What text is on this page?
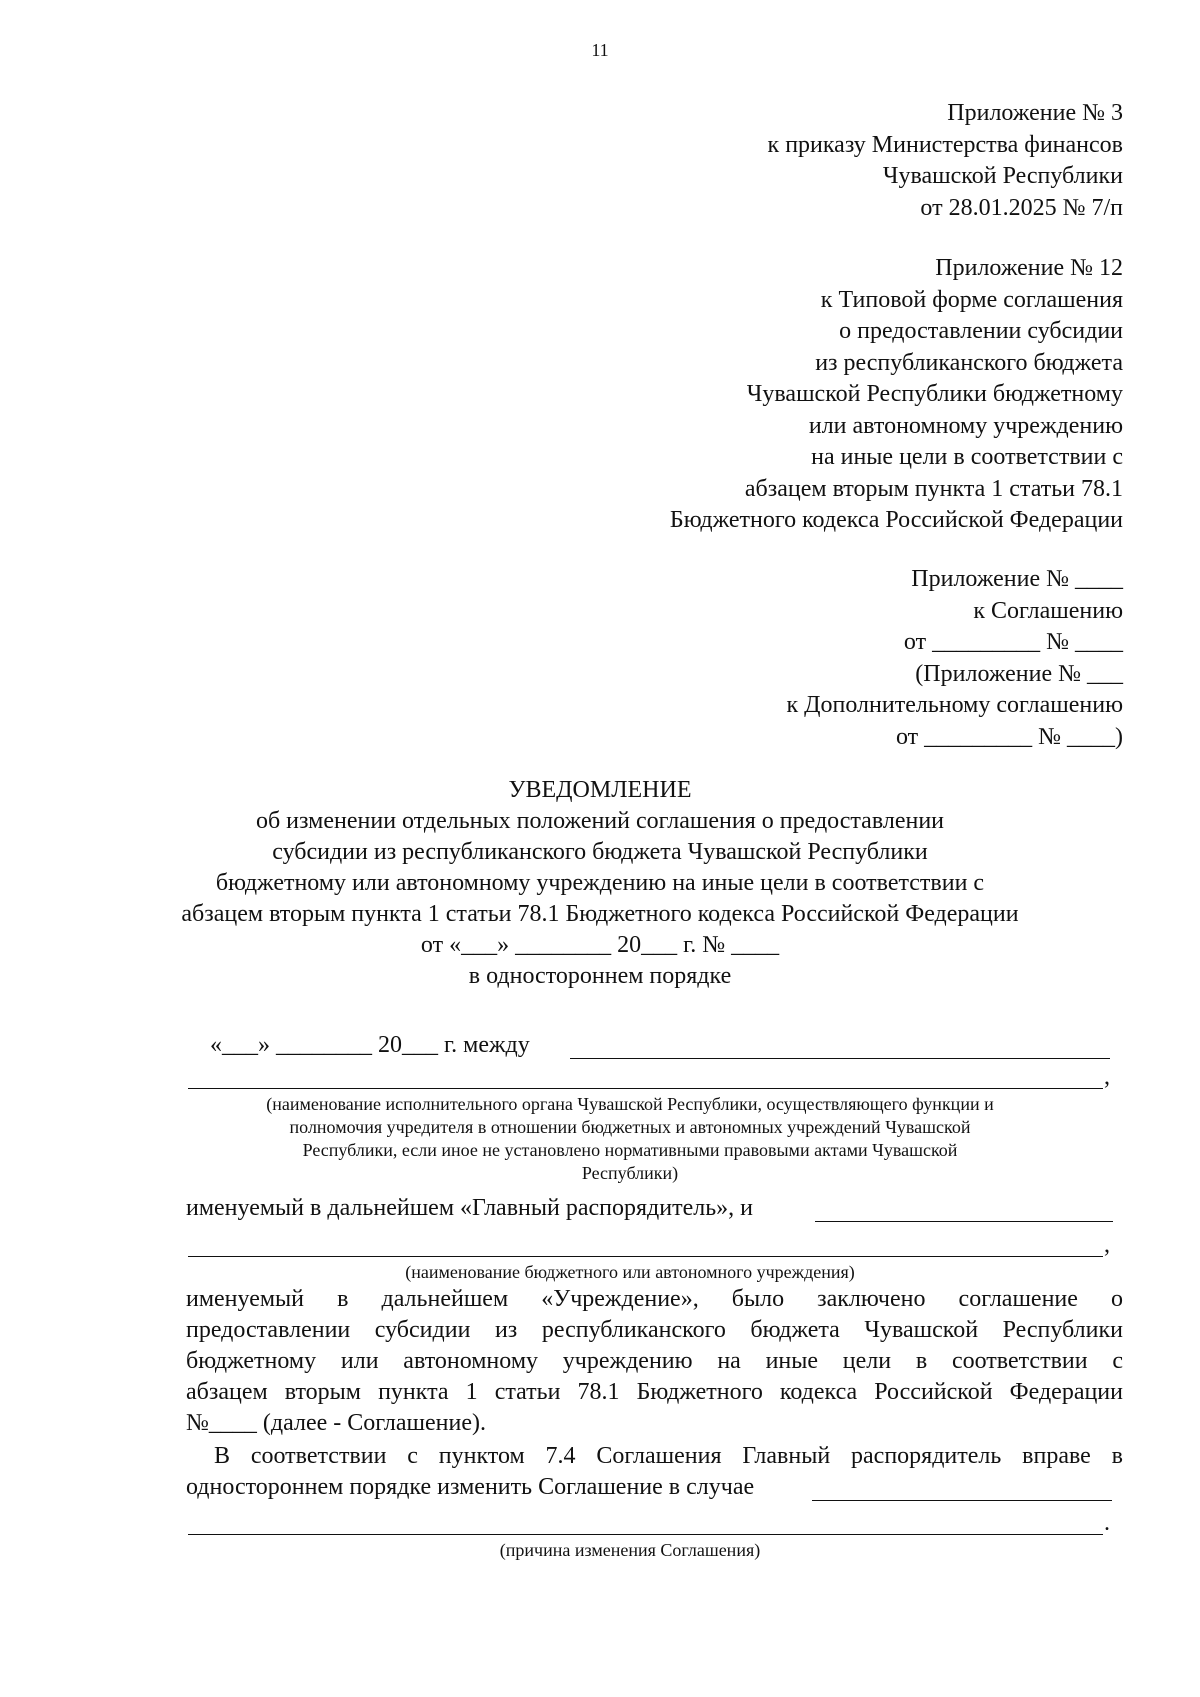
11
Приложение № 3
к приказу Министерства финансов
Чувашской Республики
от 28.01.2025 № 7/п
Приложение № 12
к Типовой форме соглашения
о предоставлении субсидии
из республиканского бюджета
Чувашской Республики бюджетному
или автономному учреждению
на иные цели в соответствии с
абзацем вторым пункта 1 статьи 78.1
Бюджетного кодекса Российской Федерации
Приложение № ____
к Соглашению
от _________ № ____
(Приложение № ___
к Дополнительному соглашению
от _________ № ____)
УВЕДОМЛЕНИЕ
об изменении отдельных положений соглашения о предоставлении
субсидии из республиканского бюджета Чувашской Республики
бюджетному или автономному учреждению на иные цели в соответствии с
абзацем вторым пункта 1 статьи 78.1 Бюджетного кодекса Российской Федерации
от «___» ________ 20___ г. № ____
в одностороннем порядке
«___» ________ 20___ г. между
,
(наименование исполнительного органа Чувашской Республики, осуществляющего функции и
полномочия учредителя в отношении бюджетных и автономных учреждений Чувашской
Республики, если иное не установлено нормативными правовыми актами Чувашской
Республики)
именуемый в дальнейшем «Главный распорядитель», и
,
(наименование бюджетного или автономного учреждения)
именуемый в дальнейшем «Учреждение», было заключено соглашение о
предоставлении субсидии из республиканского бюджета Чувашской Республики
бюджетному или автономному учреждению на иные цели в соответствии с
абзацем вторым пункта 1 статьи 78.1 Бюджетного кодекса Российской Федерации
№____ (далее - Соглашение).
В соответствии с пунктом 7.4 Соглашения Главный распорядитель вправе в
одностороннем порядке изменить Соглашение в случае
.
(причина изменения Соглашения)
